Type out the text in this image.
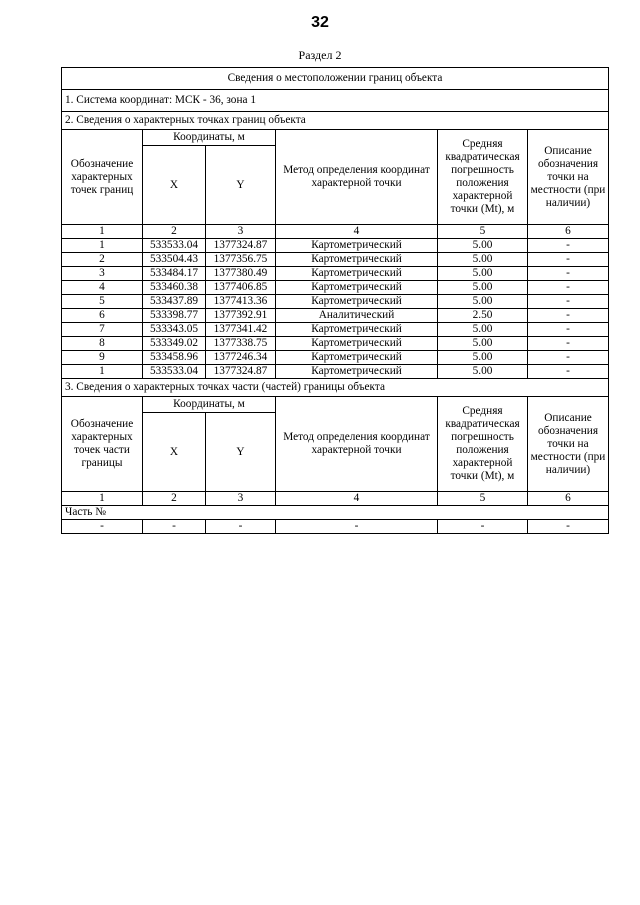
32
Раздел 2
Сведения о местоположении границ объекта					
1. Система координат: МСК - 36, зона 1					
2. Сведения о характерных точках границ объекта					
Обозначение характерных точек границ	Координаты, м		Метод определения координат характерной точки	Средняя квадратическая погрешность положения характерной точки (Mt), м	Описание обозначения точки на местности (при наличии)
	X	Y			
1	2	3	4	5	6
1	533533.04	1377324.87	Картометрический	5.00	-
2	533504.43	1377356.75	Картометрический	5.00	-
3	533484.17	1377380.49	Картометрический	5.00	-
4	533460.38	1377406.85	Картометрический	5.00	-
5	533437.89	1377413.36	Картометрический	5.00	-
6	533398.77	1377392.91	Аналитический	2.50	-
7	533343.05	1377341.42	Картометрический	5.00	-
8	533349.02	1377338.75	Картометрический	5.00	-
9	533458.96	1377246.34	Картометрический	5.00	-
1	533533.04	1377324.87	Картометрический	5.00	-
3. Сведения о характерных точках части (частей) границы объекта					
Обозначение характерных точек части границы	Координаты, м		Метод определения координат характерной точки	Средняя квадратическая погрешность положения характерной точки (Mt), м	Описание обозначения точки на местности (при наличии)
	X	Y			
1	2	3	4	5	6
Часть №					
-	-	-	-	-	-
